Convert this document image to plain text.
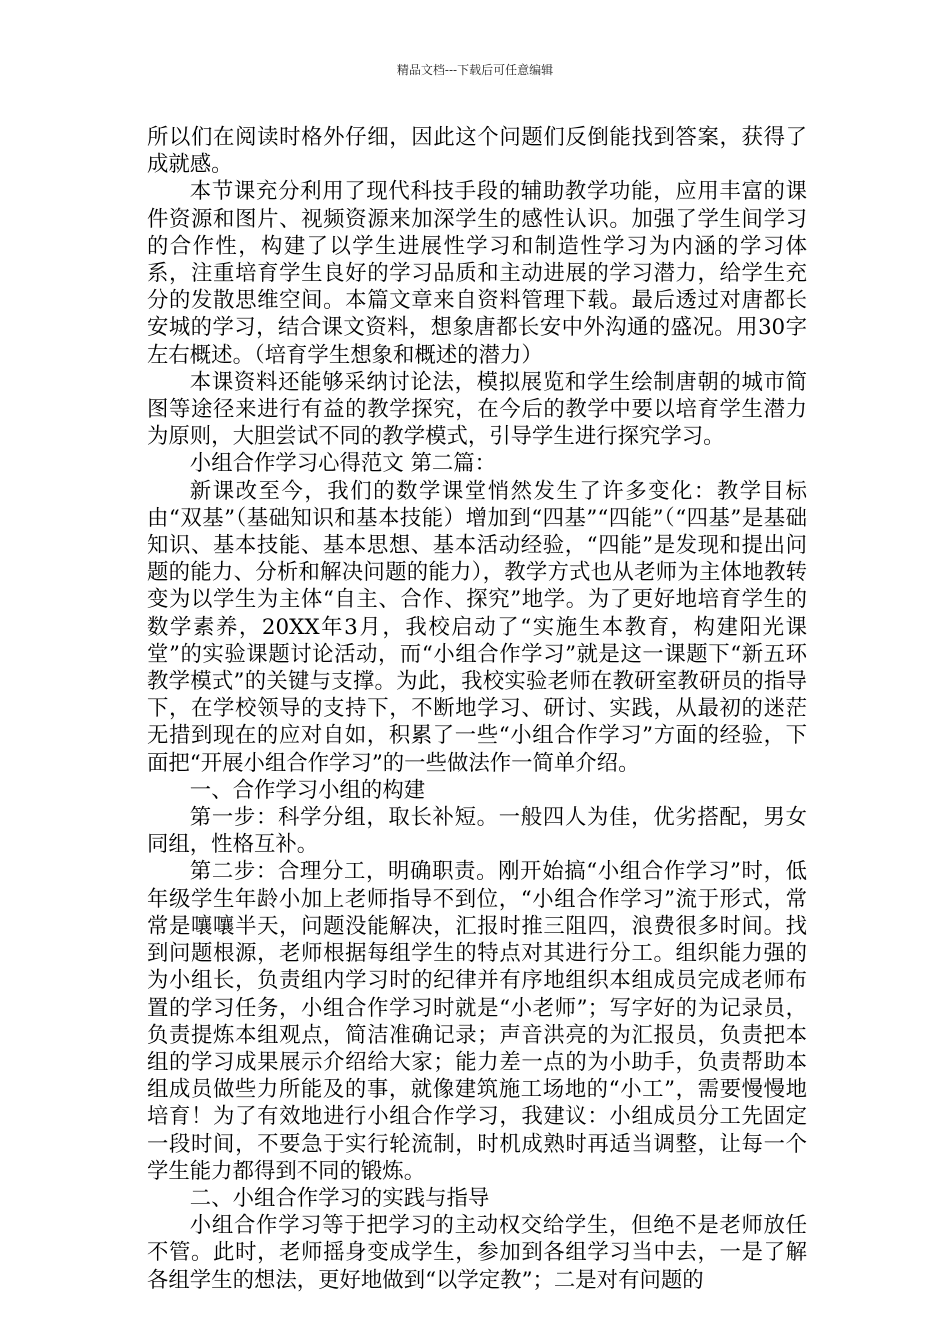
精品文档---下载后可任意编辑

所以们在阅读时格外仔细，因此这个问题们反倒能找到答案，获得了成就感。

本节课充分利用了现代科技手段的辅助教学功能，应用丰富的课件资源和图片、视频资源来加深学生的感性认识。加强了学生间学习的合作性，构建了以学生进展性学习和制造性学习为内涵的学习体系，注重培育学生良好的学习品质和主动进展的学习潜力，给学生充分的发散思维空间。本篇文章来自资料管理下载。最后透过对唐都长安城的学习，结合课文资料，想象唐都长安中外沟通的盛况。用30字左右概述。（培育学生想象和概述的潜力）

本课资料还能够采纳讨论法，模拟展览和学生绘制唐朝的城市简图等途径来进行有益的教学探究，在今后的教学中要以培育学生潜力为原则，大胆尝试不同的教学模式，引导学生进行探究学习。

小组合作学习心得范文 第二篇：

新课改至今，我们的数学课堂悄然发生了许多变化：教学目标由“双基”（基础知识和基本技能）增加到“四基”“四能”（“四基”是基础知识、基本技能、基本思想、基本活动经验，“四能”是发现和提出问题的能力、分析和解决问题的能力），教学方式也从老师为主体地教转变为以学生为主体“自主、合作、探究”地学。为了更好地培育学生的数学素养，20XX年3月，我校启动了“实施生本教育，构建阳光课堂”的实验课题讨论活动，而“小组合作学习”就是这一课题下“新五环教学模式”的关键与支撑。为此，我校实验老师在教研室教研员的指导下，在学校领导的支持下，不断地学习、研讨、实践，从最初的迷茫无措到现在的应对自如，积累了一些“小组合作学习”方面的经验，下面把“开展小组合作学习”的一些做法作一简单介绍。

一、合作学习小组的构建

第一步：科学分组，取长补短。一般四人为佳，优劣搭配，男女同组，性格互补。

第二步：合理分工，明确职责。刚开始搞“小组合作学习”时，低年级学生年龄小加上老师指导不到位，“小组合作学习”流于形式，常常是嚷嚷半天，问题没能解决，汇报时推三阻四，浪费很多时间。找到问题根源，老师根据每组学生的特点对其进行分工。组织能力强的为小组长，负责组内学习时的纪律并有序地组织本组成员完成老师布置的学习任务，小组合作学习时就是“小老师”；写字好的为记录员，负责提炼本组观点，简洁准确记录；声音洪亮的为汇报员，负责把本组的学习成果展示介绍给大家；能力差一点的为小助手，负责帮助本组成员做些力所能及的事，就像建筑施工场地的“小工”，需要慢慢地培育！为了有效地进行小组合作学习，我建议：小组成员分工先固定一段时间，不要急于实行轮流制，时机成熟时再适当调整，让每一个学生能力都得到不同的锻炼。

二、小组合作学习的实践与指导

小组合作学习等于把学习的主动权交给学生，但绝不是老师放任不管。此时，老师摇身变成学生，参加到各组学习当中去，一是了解各组学生的想法，更好地做到“以学定教”；二是对有问题的
